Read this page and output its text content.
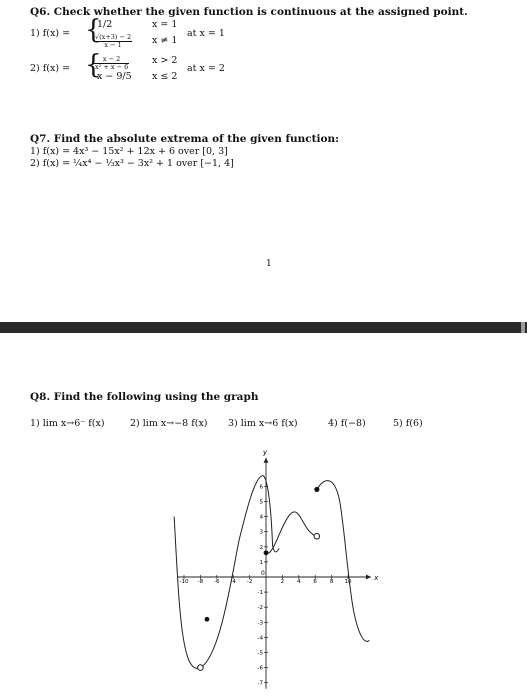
Q6. Check whether the given function is continuous at the assigned point.
1) f(x) = {
1/2	x = 1
$\frac{√(x+3) - 2}{x - 1}$ x ≠ 1
at x = 1
2) f(x) = {
$\frac{x - 2}{\text{x² + x − 6}}$ x > 2
x − 9/5 x ≤ 2
at x = 2
Q7. Find the absolute extrema of the given function:
1) f(x) = 4x³ − 15x² + 12x + 6 over [0, 3]
2) f(x) = ¼x⁴ − ⅓x³ − 3x² + 1 over [−1, 4]
1
Q8. Find the following using the graph
1) lim x→6⁻ f(x)	2) lim x→−8 f(x) 3) lim x→6 f(x)	4) f(−8)	5) f(6)
x
y
-10 -8 -6 -4 -2
0
2 4 6 8 10
1
2
3
4
5
6
-1
-2
-3
-4
-5
-6
-7
